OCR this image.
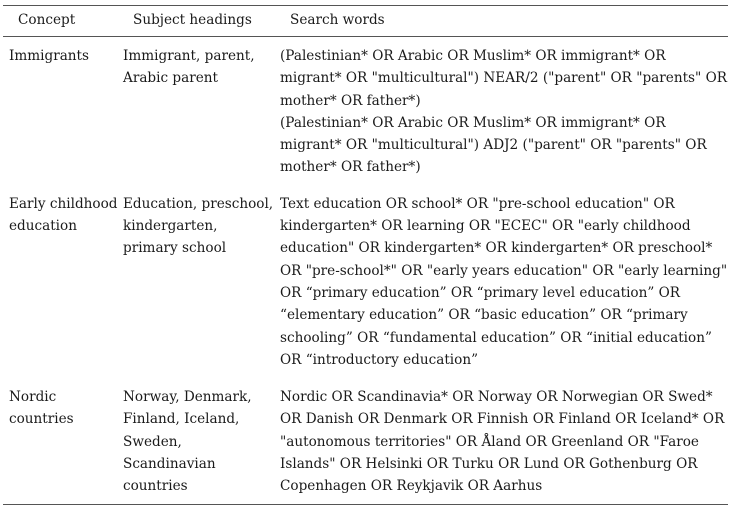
Concept	Subject headings	Search words
Immigrants	Immigrant, parent, Arabic parent	(Palestinian* OR Arabic OR Muslim* OR immigrant* OR migrant* OR "multicultural") NEAR/2 ("parent" OR "parents" OR mother* OR father*)
(Palestinian* OR Arabic OR Muslim* OR immigrant* OR migrant* OR "multicultural") ADJ2 ("parent" OR "parents" OR mother* OR father*)

Early childhood education	Education, preschool, kindergarten, primary school	Text education OR school* OR "pre-school education" OR kindergarten* OR learning OR "ECEC" OR "early childhood education" OR kindergarten* OR kindergarten* OR preschool* OR "pre-school*" OR "early years education" OR "early learning" OR “primary education” OR “primary level education” OR “elementary education” OR “basic education” OR “primary schooling” OR “fundamental education” OR “initial education” OR “introductory education”

Nordic countries	Norway, Denmark, Finland, Iceland, Sweden, Scandinavian countries	Nordic OR Scandinavia* OR Norway OR Norwegian OR Swed* OR Danish OR Denmark OR Finnish OR Finland OR Iceland* OR "autonomous territories" OR Åland OR Greenland OR "Faroe Islands" OR Helsinki OR Turku OR Lund OR Gothenburg OR Copenhagen OR Reykjavik OR Aarhus
